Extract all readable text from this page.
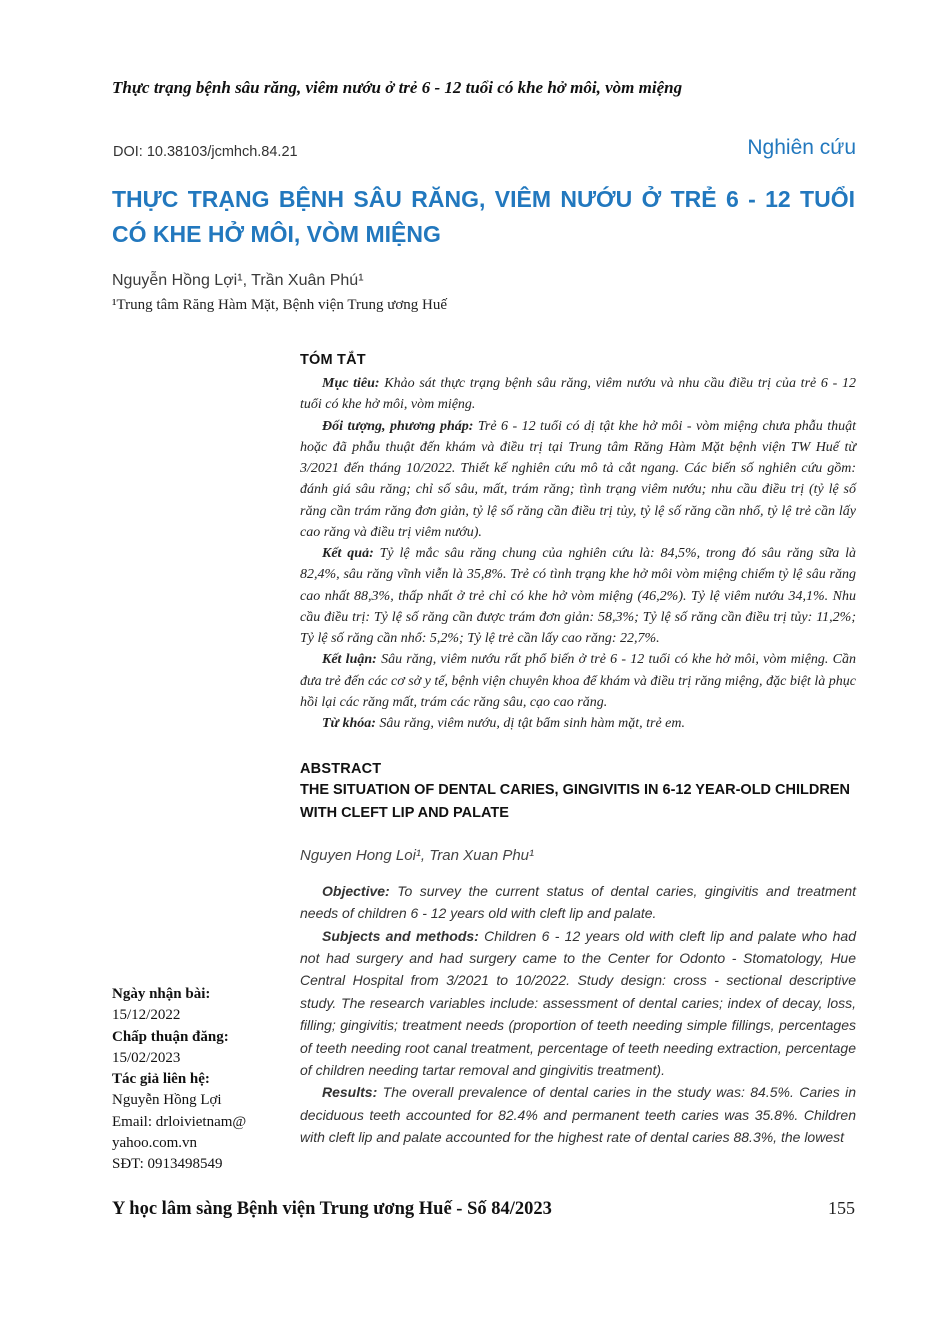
Thực trạng bệnh sâu răng, viêm nướu ở trẻ 6 - 12 tuổi có khe hở môi, vòm miệng
DOI: 10.38103/jcmhch.84.21	Nghiên cứu
THỰC TRẠNG BỆNH SÂU RĂNG, VIÊM NƯỚU Ở TRẺ 6 - 12 TUỔI CÓ KHE HỞ MÔI, VÒM MIỆNG
Nguyễn Hồng Lợi¹, Trần Xuân Phú¹
¹Trung tâm Răng Hàm Mặt, Bệnh viện Trung ương Huế
TÓM TẮT

Mục tiêu: Khảo sát thực trạng bệnh sâu răng, viêm nướu và nhu cầu điều trị của trẻ 6 - 12 tuổi có khe hở môi, vòm miệng.

Đối tượng, phương pháp: Trẻ 6 - 12 tuổi có dị tật khe hở môi - vòm miệng chưa phẫu thuật hoặc đã phẫu thuật đến khám và điều trị tại Trung tâm Răng Hàm Mặt bệnh viện TW Huế từ 3/2021 đến tháng 10/2022. Thiết kế nghiên cứu mô tả cắt ngang. Các biến số nghiên cứu gồm: đánh giá sâu răng; chỉ số sâu, mất, trám răng; tình trạng viêm nướu; nhu cầu điều trị (tỷ lệ số răng cần trám răng đơn giản, tỷ lệ số răng cần điều trị tủy, tỷ lệ số răng cần nhổ, tỷ lệ trẻ cần lấy cao răng và điều trị viêm nướu).

Kết quả: Tỷ lệ mắc sâu răng chung của nghiên cứu là: 84,5%, trong đó sâu răng sữa là 82,4%, sâu răng vĩnh viễn là 35,8%. Trẻ có tình trạng khe hở môi vòm miệng chiếm tỷ lệ sâu răng cao nhất 88,3%, thấp nhất ở trẻ chỉ có khe hở vòm miệng (46,2%). Tỷ lệ viêm nướu 34,1%. Nhu cầu điều trị: Tỷ lệ số răng cần được trám đơn giản: 58,3%; Tỷ lệ số răng cần điều trị tủy: 11,2%; Tỷ lệ số răng cần nhổ: 5,2%; Tỷ lệ trẻ cần lấy cao răng: 22,7%.

Kết luận: Sâu răng, viêm nướu rất phổ biến ở trẻ 6 - 12 tuổi có khe hở môi, vòm miệng. Cần đưa trẻ đến các cơ sở y tế, bệnh viện chuyên khoa để khám và điều trị răng miệng, đặc biệt là phục hồi lại các răng mất, trám các răng sâu, cạo cao răng.

Từ khóa: Sâu răng, viêm nướu, dị tật bẩm sinh hàm mặt, trẻ em.

ABSTRACT
THE SITUATION OF DENTAL CARIES, GINGIVITIS IN 6-12 YEAR-OLD CHILDREN WITH CLEFT LIP AND PALATE
Nguyen Hong Loi¹, Tran Xuan Phu¹

Objective: To survey the current status of dental caries, gingivitis and treatment needs of children 6 - 12 years old with cleft lip and palate.

Subjects and methods: Children 6 - 12 years old with cleft lip and palate who had not had surgery and had surgery came to the Center for Odonto - Stomatology, Hue Central Hospital from 3/2021 to 10/2022. Study design: cross - sectional descriptive study. The research variables include: assessment of dental caries; index of decay, loss, filling; gingivitis; treatment needs (proportion of teeth needing simple fillings, percentages of teeth needing root canal treatment, percentage of teeth needing extraction, percentage of children needing tartar removal and gingivitis treatment).

Results: The overall prevalence of dental caries in the study was: 84.5%. Caries in deciduous teeth accounted for 82.4% and permanent teeth caries was 35.8%. Children with cleft lip and palate accounted for the highest rate of dental caries 88.3%, the lowest

Ngày nhận bài:
15/12/2022
Chấp thuận đăng:
15/02/2023
Tác giả liên hệ:
Nguyễn Hồng Lợi
Email: drloivietnam@
yahoo.com.vn
SĐT: 0913498549
Y học lâm sàng Bệnh viện Trung ương Huế - Số 84/2023	155
